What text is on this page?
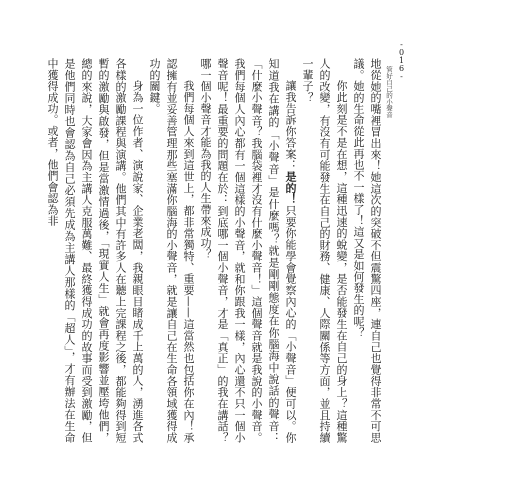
-016-
管好自己的小聲音

地從她的嘴裡冒出來！她這次的突破不但震驚四座，連自己也覺得非常不可思議。她的生命從此再也不一樣了！這又是如何發生的呢？

你此刻是不是在想，這種迅速的蛻變，是否能發生在自己的身上？這種驚人的改變，有沒有可能發生在自己的財務、健康、人際關係等方面，並且持續一輩子？

讓我告訴你答案：是的！只要你能學會覺察內心的「小聲音」便可以。你知道我在講的「小聲音」是什麼嗎？就是剛剛態度在你腦海中說話的聲音：「什麼小聲音？我腦袋裡才沒有什麼小聲音！」這個聲音就是我說的小聲音。我們每個人內心都有一個這樣的小聲音，就和你跟我一樣，內心還不只一個小聲音呢！最重要的問題在於：到底哪一個小聲音，才是「真正」的我在講話？哪一個小聲音才能為我的人生帶來成功？

我們每個人來到這世上，都非常獨特、重要——這當然也包括你在內！承認擁有並妥善管理那些塞滿你腦海的小聲音，就是讓自己在生命各領域獲得成功的關鍵。

身為一位作者、演說家、企業老闆，我親眼目睹成千上萬的人，湧進各式各樣的激勵課程與演講。他們其中有許多人在聽上完課程之後，都能夠得到短暫的激勵與啟發，但是當激情過後，「現實人生」就會再度影響並壓垮他們，總的來說，大家會因為主講人克服萬難、最終獲得成功的故事而受到激勵，但是他們同時也會認為自己必須先成為主講人那樣的「超人」，才有辦法在生命中獲得成功。或者，他們會認為非
